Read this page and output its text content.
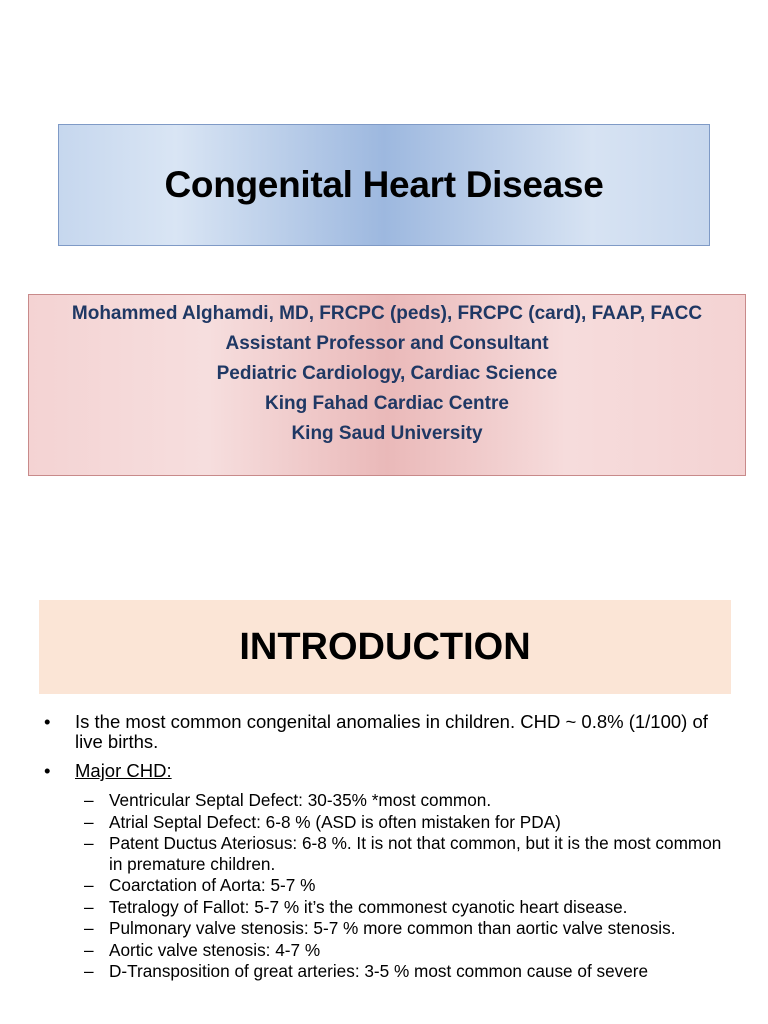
Congenital Heart Disease
Mohammed Alghamdi, MD, FRCPC (peds), FRCPC (card), FAAP, FACC
Assistant Professor and Consultant
Pediatric Cardiology, Cardiac Science
King Fahad Cardiac Centre
King Saud University
INTRODUCTION
• Is the most common congenital anomalies in children. CHD ~ 0.8% (1/100) of live births.
• Major CHD:
– Ventricular Septal Defect: 30-35% *most common.
– Atrial Septal Defect: 6-8 % (ASD is often mistaken for PDA)
– Patent Ductus Ateriosus: 6-8 %. It is not that common, but it is the most common in premature children.
– Coarctation of Aorta: 5-7 %
– Tetralogy of Fallot: 5-7 % it’s the commonest cyanotic heart disease.
– Pulmonary valve stenosis: 5-7 % more common than aortic valve stenosis.
– Aortic valve stenosis: 4-7 %
– D-Transposition of great arteries: 3-5 % most common cause of severe
